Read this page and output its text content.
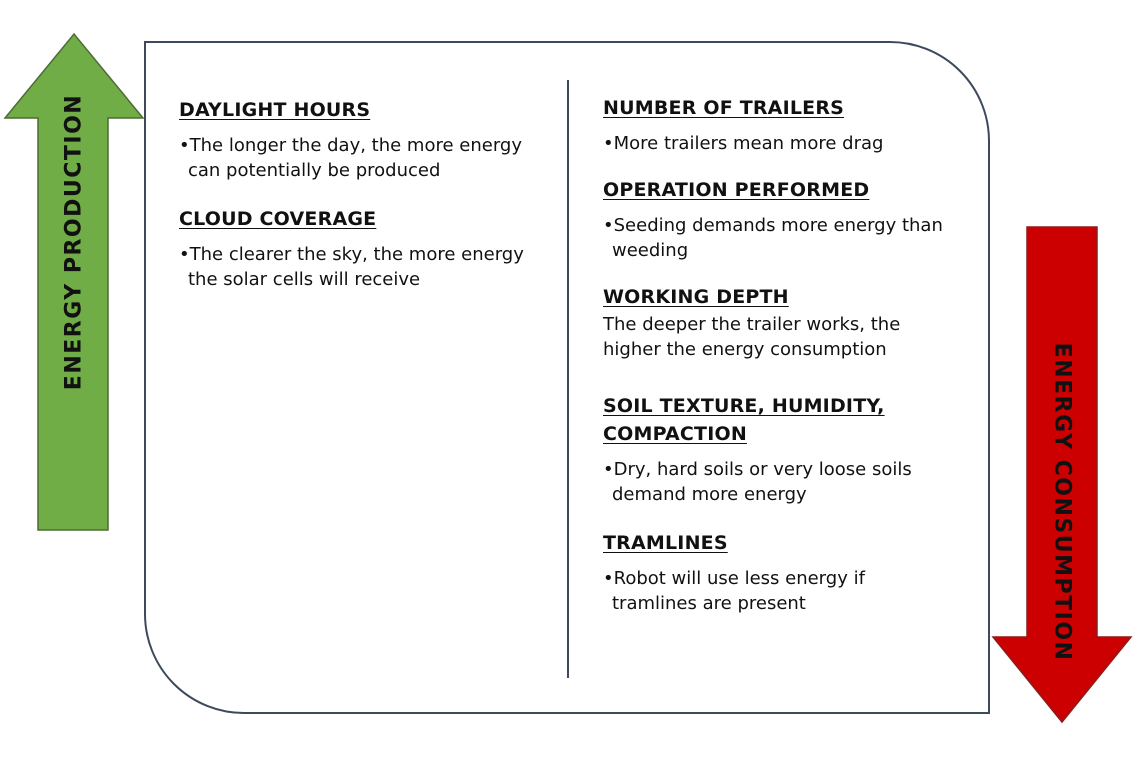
ENERGY PRODUCTION
ENERGY CONSUMPTION

DAYLIGHT HOURS

•The longer the day, the more energy can potentially be produced

CLOUD COVERAGE

•The clearer the sky, the more energy the solar cells will receive

NUMBER OF TRAILERS

•More trailers mean more drag

OPERATION PERFORMED

•Seeding demands more energy than weeding

WORKING DEPTH

The deeper the trailer works, the higher the energy consumption

SOIL TEXTURE, HUMIDITY, COMPACTION

•Dry, hard soils or very loose soils demand more energy

TRAMLINES

•Robot will use less energy if tramlines are present
